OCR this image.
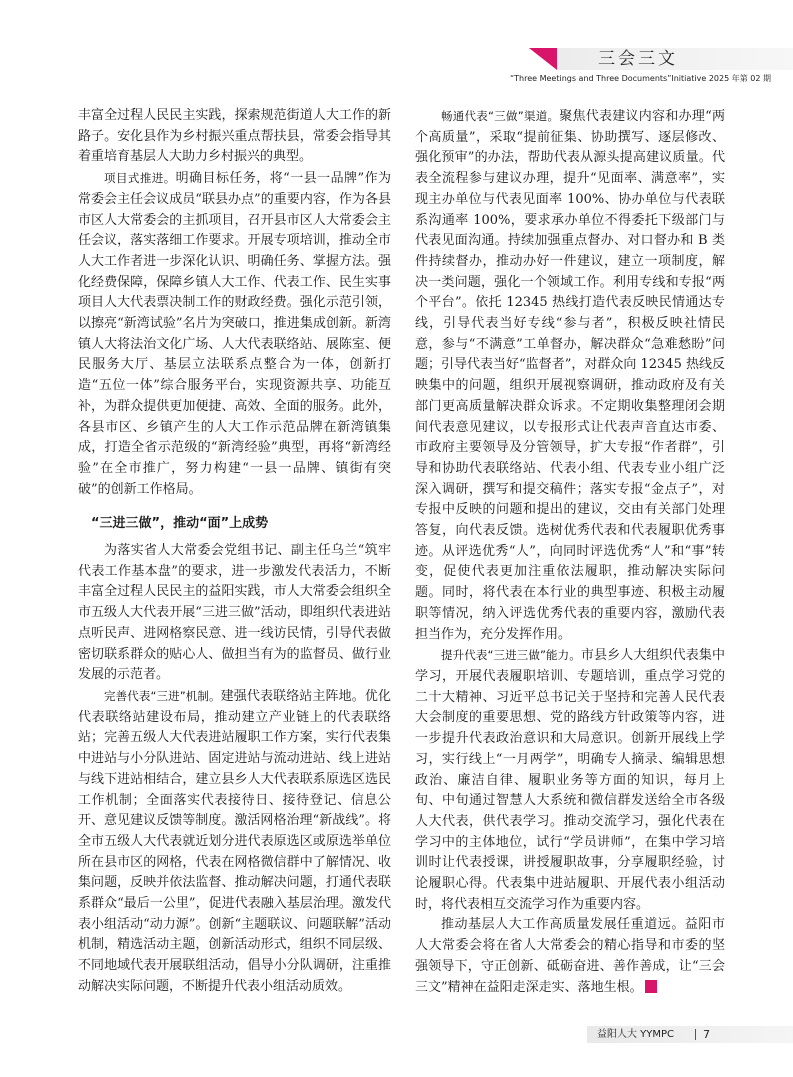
三会三文
“Three Meetings and Three Documents”Initiative 2025 年第 02 期

丰富全过程人民民主实践，探索规范街道人大工作的新路子。安化县作为乡村振兴重点帮扶县，常委会指导其着重培育基层人大助力乡村振兴的典型。

项目式推进。明确目标任务，将“一县一品牌”作为常委会主任会议成员“联县办点”的重要内容，作为各县市区人大常委会的主抓项目，召开县市区人大常委会主任会议，落实落细工作要求。开展专项培训，推动全市人大工作者进一步深化认识、明确任务、掌握方法。强化经费保障，保障乡镇人大工作、代表工作、民生实事项目人大代表票决制工作的财政经费。强化示范引领，以擦亮“新湾试验”名片为突破口，推进集成创新。新湾镇人大将法治文化广场、人大代表联络站、展陈室、便民服务大厅、基层立法联系点整合为一体，创新打造“五位一体”综合服务平台，实现资源共享、功能互补，为群众提供更加便捷、高效、全面的服务。此外，各县市区、乡镇产生的人大工作示范品牌在新湾镇集成，打造全省示范级的“新湾经验”典型，再将“新湾经验”在全市推广，努力构建“一县一品牌、镇街有突破”的创新工作格局。

“三进三做”，推动“面”上成势

为落实省人大常委会党组书记、副主任乌兰“筑牢代表工作基本盘”的要求，进一步激发代表活力，不断丰富全过程人民民主的益阳实践，市人大常委会组织全市五级人大代表开展“三进三做”活动，即组织代表进站点听民声、进网格察民意、进一线访民情，引导代表做密切联系群众的贴心人、做担当有为的监督员、做行业发展的示范者。

完善代表“三进”机制。建强代表联络站主阵地。优化代表联络站建设布局，推动建立产业链上的代表联络站；完善五级人大代表进站履职工作方案，实行代表集中进站与小分队进站、固定进站与流动进站、线上进站与线下进站相结合，建立县乡人大代表联系原选区选民工作机制；全面落实代表接待日、接待登记、信息公开、意见建议反馈等制度。激活网格治理“新战线”。将全市五级人大代表就近划分进代表原选区或原选举单位所在县市区的网格，代表在网格微信群中了解情况、收集问题，反映并依法监督、推动解决问题，打通代表联系群众“最后一公里”，促进代表融入基层治理。激发代表小组活动“动力源”。创新“主题联议、问题联解”活动机制，精选活动主题，创新活动形式，组织不同层级、不同地域代表开展联组活动，倡导小分队调研，注重推动解决实际问题，不断提升代表小组活动质效。

畅通代表“三做”渠道。聚焦代表建议内容和办理“两个高质量”，采取“提前征集、协助撰写、逐层修改、强化预审”的办法，帮助代表从源头提高建议质量。代表全流程参与建议办理，提升“见面率、满意率”，实现主办单位与代表见面率 100%、协办单位与代表联系沟通率 100%，要求承办单位不得委托下级部门与代表见面沟通。持续加强重点督办、对口督办和 B 类件持续督办，推动办好一件建议，建立一项制度，解决一类问题，强化一个领域工作。利用专线和专报“两个平台”。依托 12345 热线打造代表反映民情通达专线，引导代表当好专线“参与者”，积极反映社情民意，参与“不满意”工单督办，解决群众“急难愁盼”问题；引导代表当好“监督者”，对群众向 12345 热线反映集中的问题，组织开展视察调研，推动政府及有关部门更高质量解决群众诉求。不定期收集整理闭会期间代表意见建议，以专报形式让代表声音直达市委、市政府主要领导及分管领导，扩大专报“作者群”，引导和协助代表联络站、代表小组、代表专业小组广泛深入调研，撰写和提交稿件；落实专报“金点子”，对专报中反映的问题和提出的建议，交由有关部门处理答复，向代表反馈。选树优秀代表和代表履职优秀事迹。从评选优秀“人”，向同时评选优秀“人”和“事”转变，促使代表更加注重依法履职，推动解决实际问题。同时，将代表在本行业的典型事迹、积极主动履职等情况，纳入评选优秀代表的重要内容，激励代表担当作为，充分发挥作用。

提升代表“三进三做”能力。市县乡人大组织代表集中学习，开展代表履职培训、专题培训，重点学习党的二十大精神、习近平总书记关于坚持和完善人民代表大会制度的重要思想、党的路线方针政策等内容，进一步提升代表政治意识和大局意识。创新开展线上学习，实行线上“一月两学”，明确专人摘录、编辑思想政治、廉洁自律、履职业务等方面的知识，每月上旬、中旬通过智慧人大系统和微信群发送给全市各级人大代表，供代表学习。推动交流学习，强化代表在学习中的主体地位，试行“学员讲师”，在集中学习培训时让代表授课，讲授履职故事，分享履职经验，讨论履职心得。代表集中进站履职、开展代表小组活动时，将代表相互交流学习作为重要内容。

推动基层人大工作高质量发展任重道远。益阳市人大常委会将在省人大常委会的精心指导和市委的坚强领导下，守正创新、砥砺奋进、善作善成，让“三会三文”精神在益阳走深走实、落地生根。

益阳人大 YYMPC	7
